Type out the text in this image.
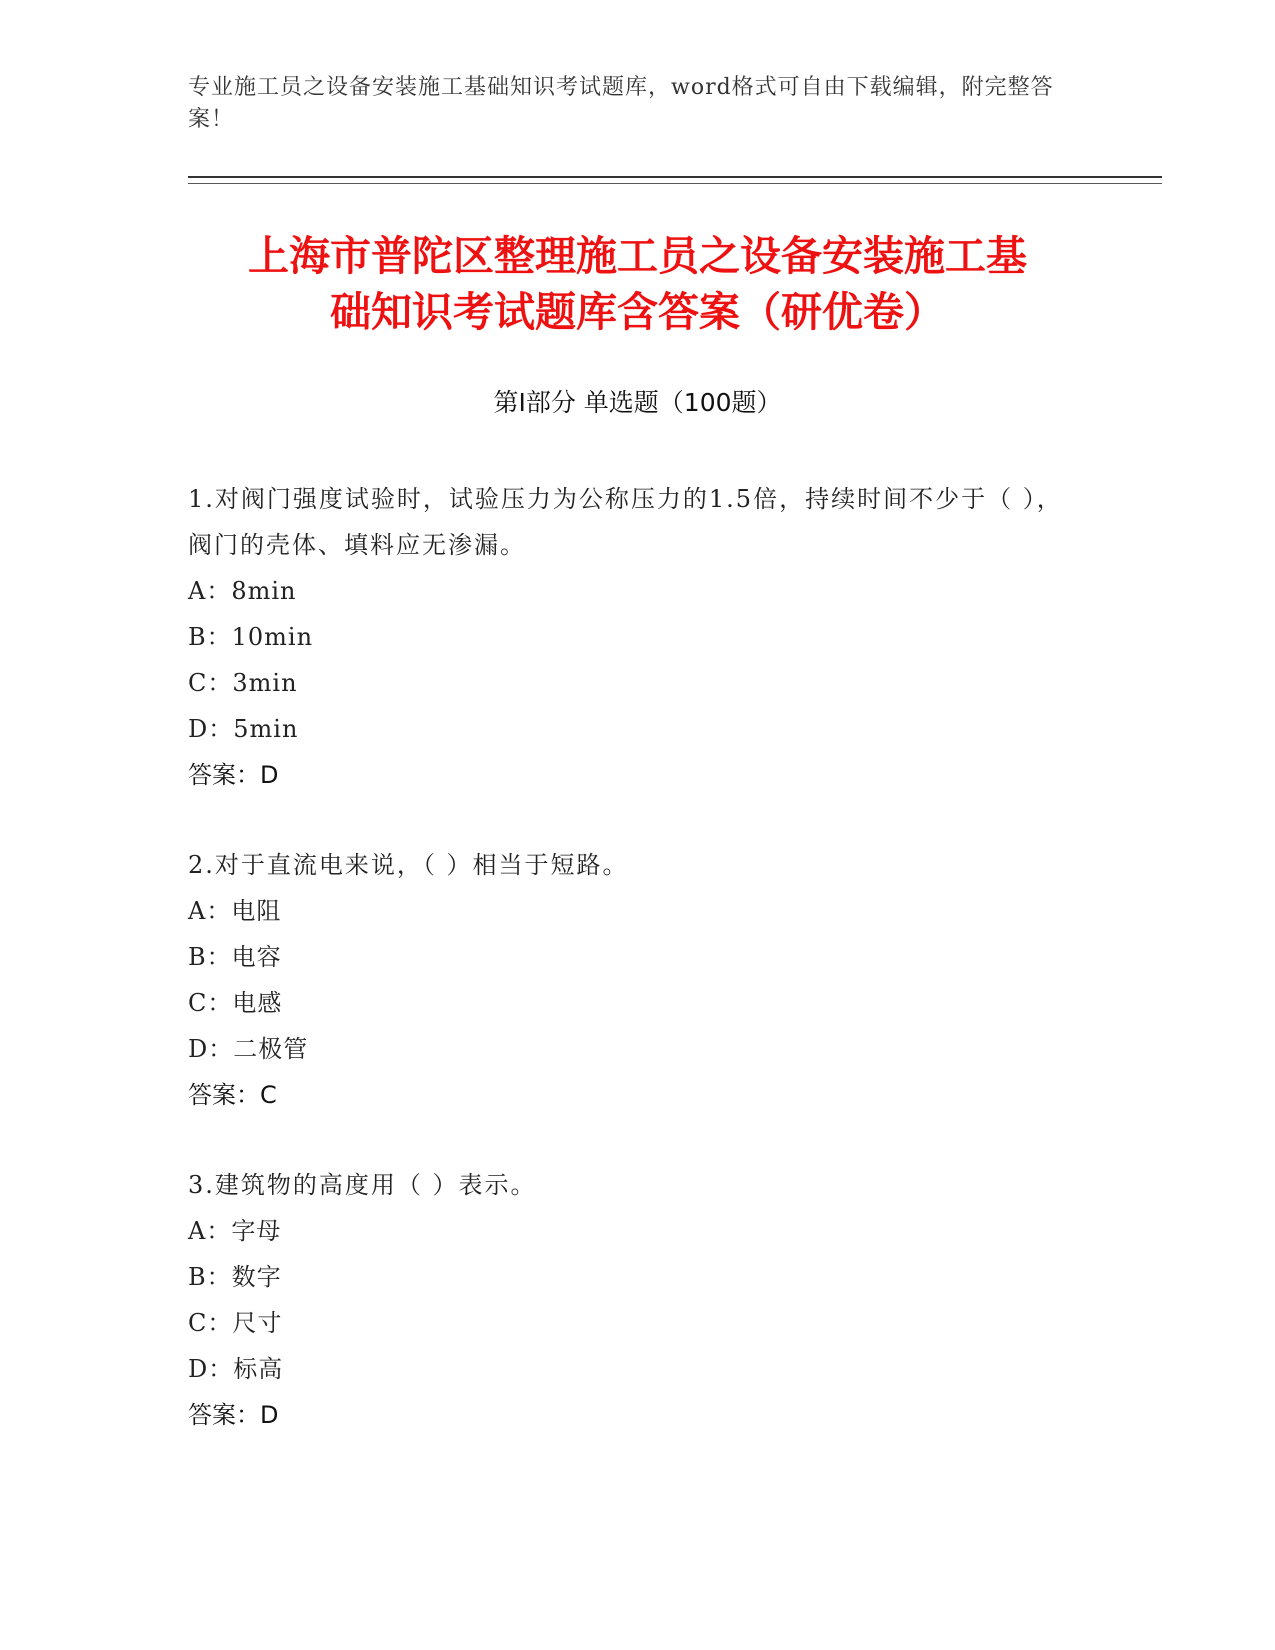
专业施工员之设备安装施工基础知识考试题库，word格式可自由下载编辑，附完整答案！
上海市普陀区整理施工员之设备安装施工基
础知识考试题库含答案（研优卷）
第I部分 单选题（100题）

1.对阀门强度试验时，试验压力为公称压力的1.5倍，持续时间不少于（ ），阀门的壳体、填料应无渗漏。

A：8min

B：10min

C：3min

D：5min

答案：D

2.对于直流电来说，（ ）相当于短路。

A：电阻

B：电容

C：电感

D：二极管

答案：C

3.建筑物的高度用（ ）表示。

A：字母

B：数字

C：尺寸

D：标高

答案：D
